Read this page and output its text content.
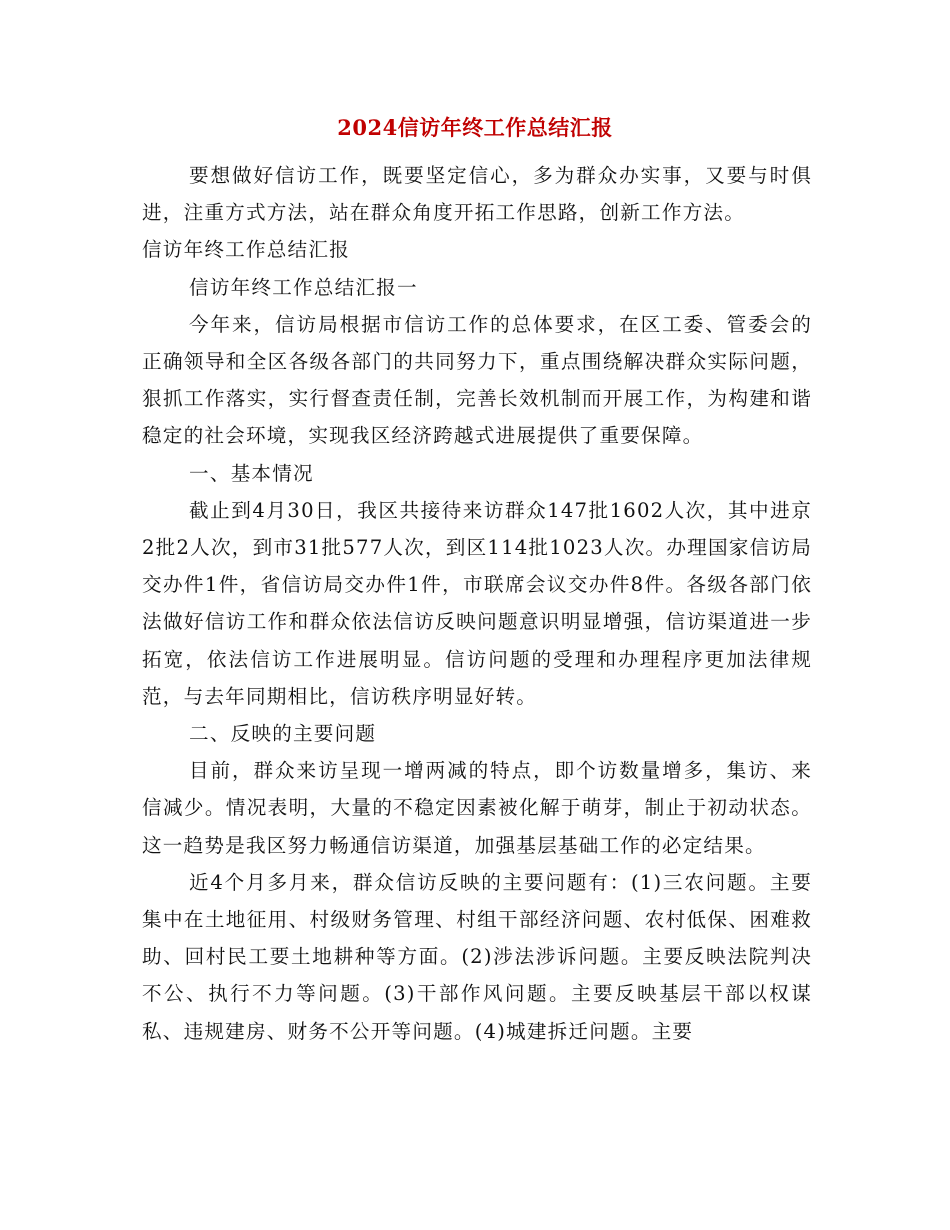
2024信访年终工作总结汇报

要想做好信访工作，既要坚定信心，多为群众办实事，又要与时俱进，注重方式方法，站在群众角度开拓工作思路，创新工作方法。

信访年终工作总结汇报

信访年终工作总结汇报一

今年来，信访局根据市信访工作的总体要求，在区工委、管委会的正确领导和全区各级各部门的共同努力下，重点围绕解决群众实际问题，狠抓工作落实，实行督查责任制，完善长效机制而开展工作，为构建和谐稳定的社会环境，实现我区经济跨越式进展提供了重要保障。

一、基本情况

截止到4月30日，我区共接待来访群众147批1602人次，其中进京2批2人次，到市31批577人次，到区114批1023人次。办理国家信访局交办件1件，省信访局交办件1件，市联席会议交办件8件。各级各部门依法做好信访工作和群众依法信访反映问题意识明显增强，信访渠道进一步拓宽，依法信访工作进展明显。信访问题的受理和办理程序更加法律规范，与去年同期相比，信访秩序明显好转。

二、反映的主要问题

目前，群众来访呈现一增两减的特点，即个访数量增多，集访、来信减少。情况表明，大量的不稳定因素被化解于萌芽，制止于初动状态。这一趋势是我区努力畅通信访渠道，加强基层基础工作的必定结果。

近4个月多月来，群众信访反映的主要问题有：(1)三农问题。主要集中在土地征用、村级财务管理、村组干部经济问题、农村低保、困难救助、回村民工要土地耕种等方面。(2)涉法涉诉问题。主要反映法院判决不公、执行不力等问题。(3)干部作风问题。主要反映基层干部以权谋私、违规建房、财务不公开等问题。(4)城建拆迁问题。主要
